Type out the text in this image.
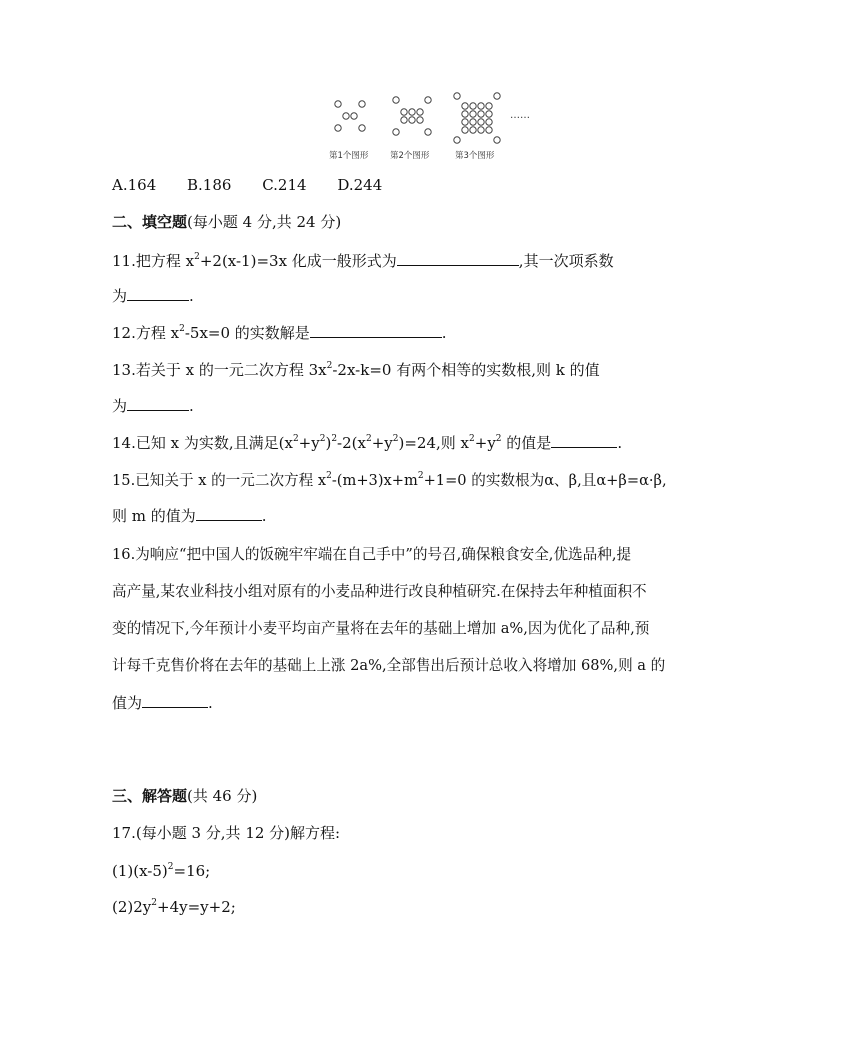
……
第1个图形	第2个图形	第3个图形
A.164 B.186 C.214 D.244
二、填空题(每小题 4 分,共 24 分)
11.把方程 $x^2+2(x-1)=3x$ 化成一般形式为	,其一次项系数
为	.
12.方程 $x^2-5x=0$ 的实数解是	.
13.若关于 x 的一元二次方程 $3x^2-2x-k=0$ 有两个相等的实数根,则 k 的值
为	.
14.已知 x 为实数,且满足$(x^2+y^2)^2-2(x^2+y^2)=24$,则 $x^2+y^2$ 的值是	.
15.已知关于 x 的一元二次方程 $x^2-(m+3)x+m^2+1=0$ 的实数根为α、β,且α+β=α·β,
则 m 的值为	.
16.为响应“把中国人的饭碗牢牢端在自己手中”的号召,确保粮食安全,优选品种,提
高产量,某农业科技小组对原有的小麦品种进行改良种植研究.在保持去年种植面积不
变的情况下,今年预计小麦平均亩产量将在去年的基础上增加 a%,因为优化了品种,预
计每千克售价将在去年的基础上上涨 2a%,全部售出后预计总收入将增加 68%,则 a 的
值为	.
三、解答题(共 46 分)
17.(每小题 3 分,共 12 分)解方程:
$(1)(x-5)^2=16$;
$(2)2y^2+4y=y+2$;
